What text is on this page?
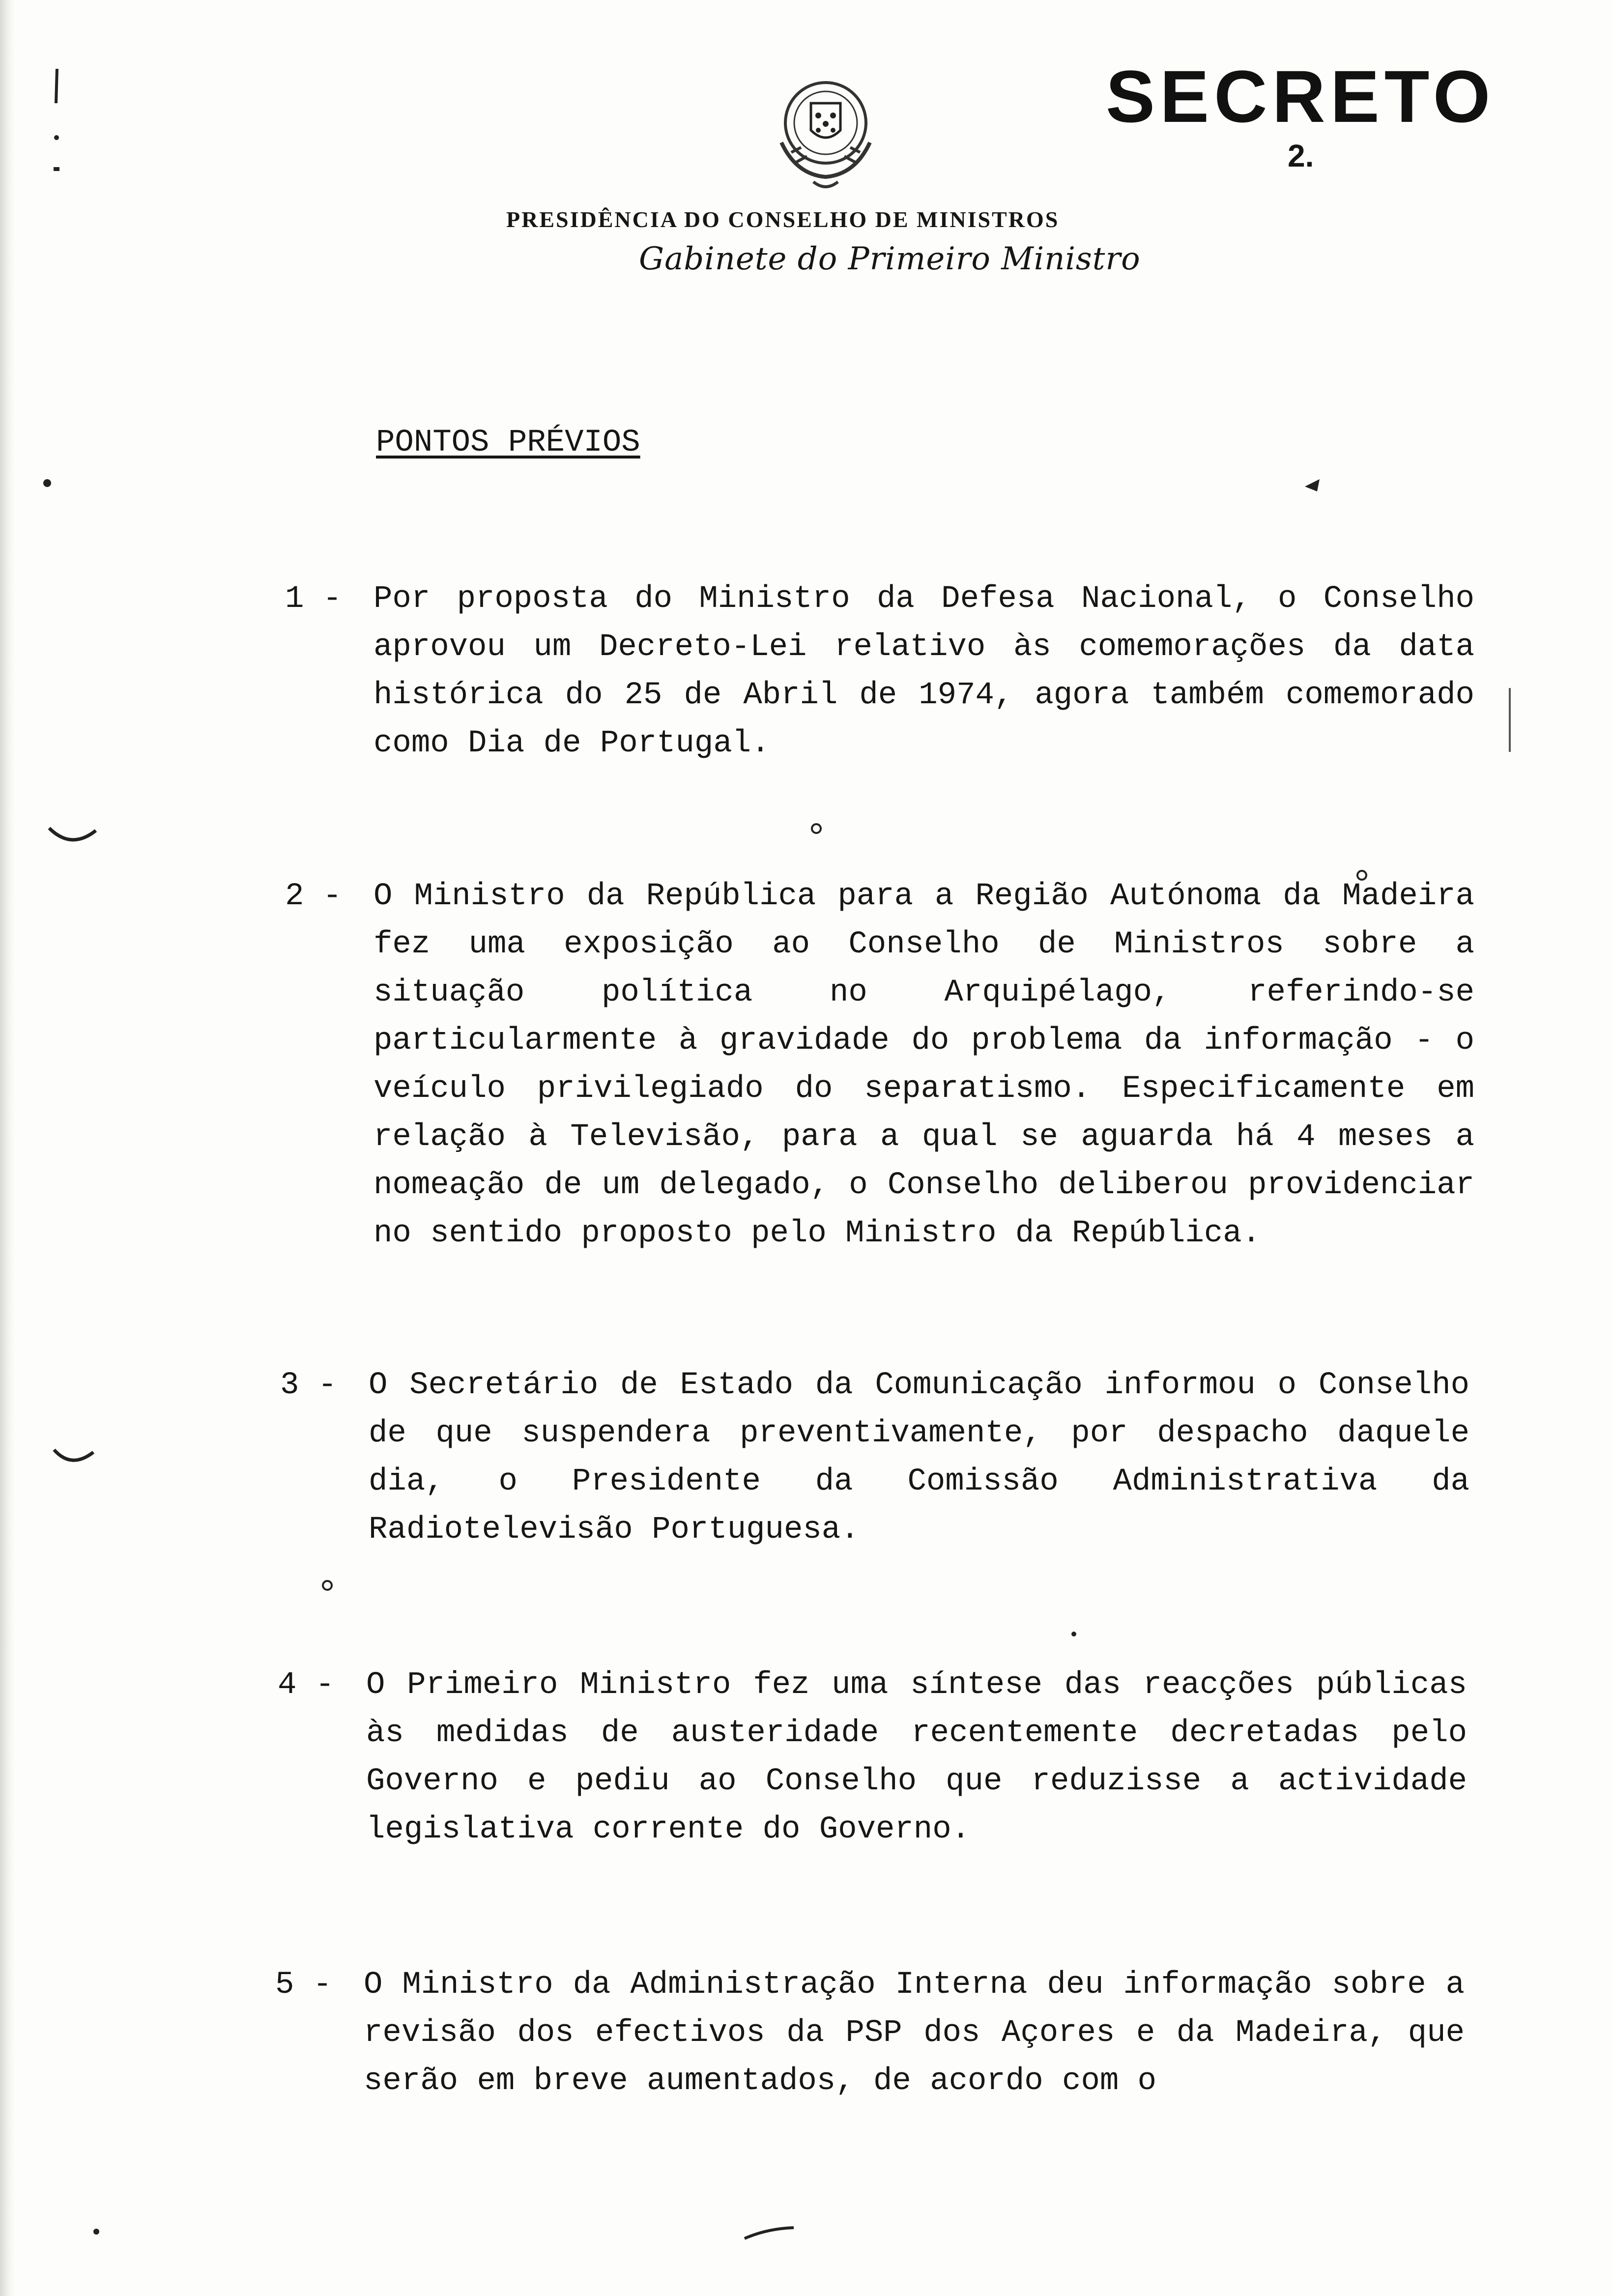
SECRETO
2.
PRESIDÊNCIA DO CONSELHO DE MINISTROS
Gabinete do Primeiro Ministro
PONTOS PRÉVIOS
1 - Por proposta do Ministro da Defesa Nacional, o Conselho aprovou um Decreto-Lei relativo às comemorações da data histórica do 25 de Abril de 1974, agora também comemorado como Dia de Portugal.
2 - O Ministro da República para a Região Autónoma da Madeira fez uma exposição ao Conselho de Ministros sobre a situação política no Arquipélago, referindo-se particularmente à gravidade do problema da informação - o veículo privilegiado do separatismo. Especificamente em relação à Televisão, para a qual se aguarda há 4 meses a nomeação de um delegado, o Conselho deliberou providenciar no sentido proposto pelo Ministro da República.
3 - O Secretário de Estado da Comunicação informou o Conselho de que suspendera preventivamente, por despacho daquele dia, o Presidente da Comissão Administrativa da Radiotelevisão Portuguesa.
4 - O Primeiro Ministro fez uma síntese das reacções públicas às medidas de austeridade recentemente decretadas pelo Governo e pediu ao Conselho que reduzisse a actividade legislativa corrente do Governo.
5 - O Ministro da Administração Interna deu informação sobre a revisão dos efectivos da PSP dos Açores e da Madeira, que serão em breve aumentados, de acordo com o
